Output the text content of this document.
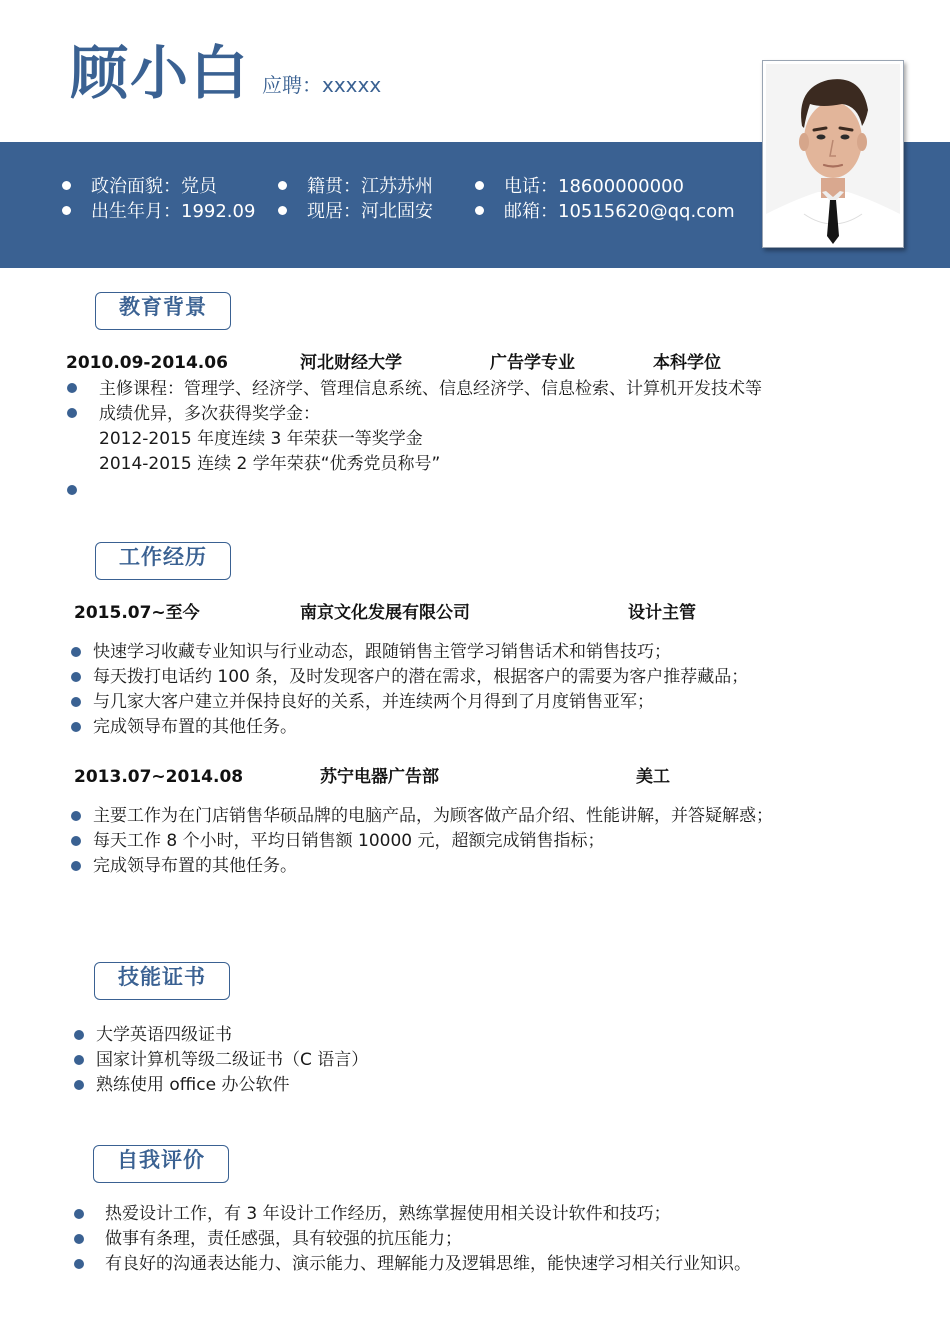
顾小白 应聘：xxxxx
政治面貌：党员	籍贯：江苏苏州	电话：18600000000
出生年月：1992.09	现居：河北固安	邮箱：10515620@qq.com
教育背景
2010.09-2014.06	河北财经大学	广告学专业	本科学位
主修课程：管理学、经济学、管理信息系统、信息经济学、信息检索、计算机开发技术等
成绩优异，多次获得奖学金：
2012-2015 年度连续 3 年荣获一等奖学金
2014-2015 连续 2 学年荣获“优秀党员称号”
工作经历
2015.07~至今	南京文化发展有限公司	设计主管
快速学习收藏专业知识与行业动态，跟随销售主管学习销售话术和销售技巧；
每天拨打电话约 100 条，及时发现客户的潜在需求，根据客户的需要为客户推荐藏品；
与几家大客户建立并保持良好的关系，并连续两个月得到了月度销售亚军；
完成领导布置的其他任务。
2013.07~2014.08	苏宁电器广告部	美工
主要工作为在门店销售华硕品牌的电脑产品，为顾客做产品介绍、性能讲解，并答疑解惑；
每天工作 8 个小时，平均日销售额 10000 元，超额完成销售指标；
完成领导布置的其他任务。
技能证书
大学英语四级证书
国家计算机等级二级证书（C 语言）
熟练使用 office 办公软件
自我评价
热爱设计工作，有 3 年设计工作经历，熟练掌握使用相关设计软件和技巧；
做事有条理，责任感强，具有较强的抗压能力；
有良好的沟通表达能力、演示能力、理解能力及逻辑思维，能快速学习相关行业知识。
